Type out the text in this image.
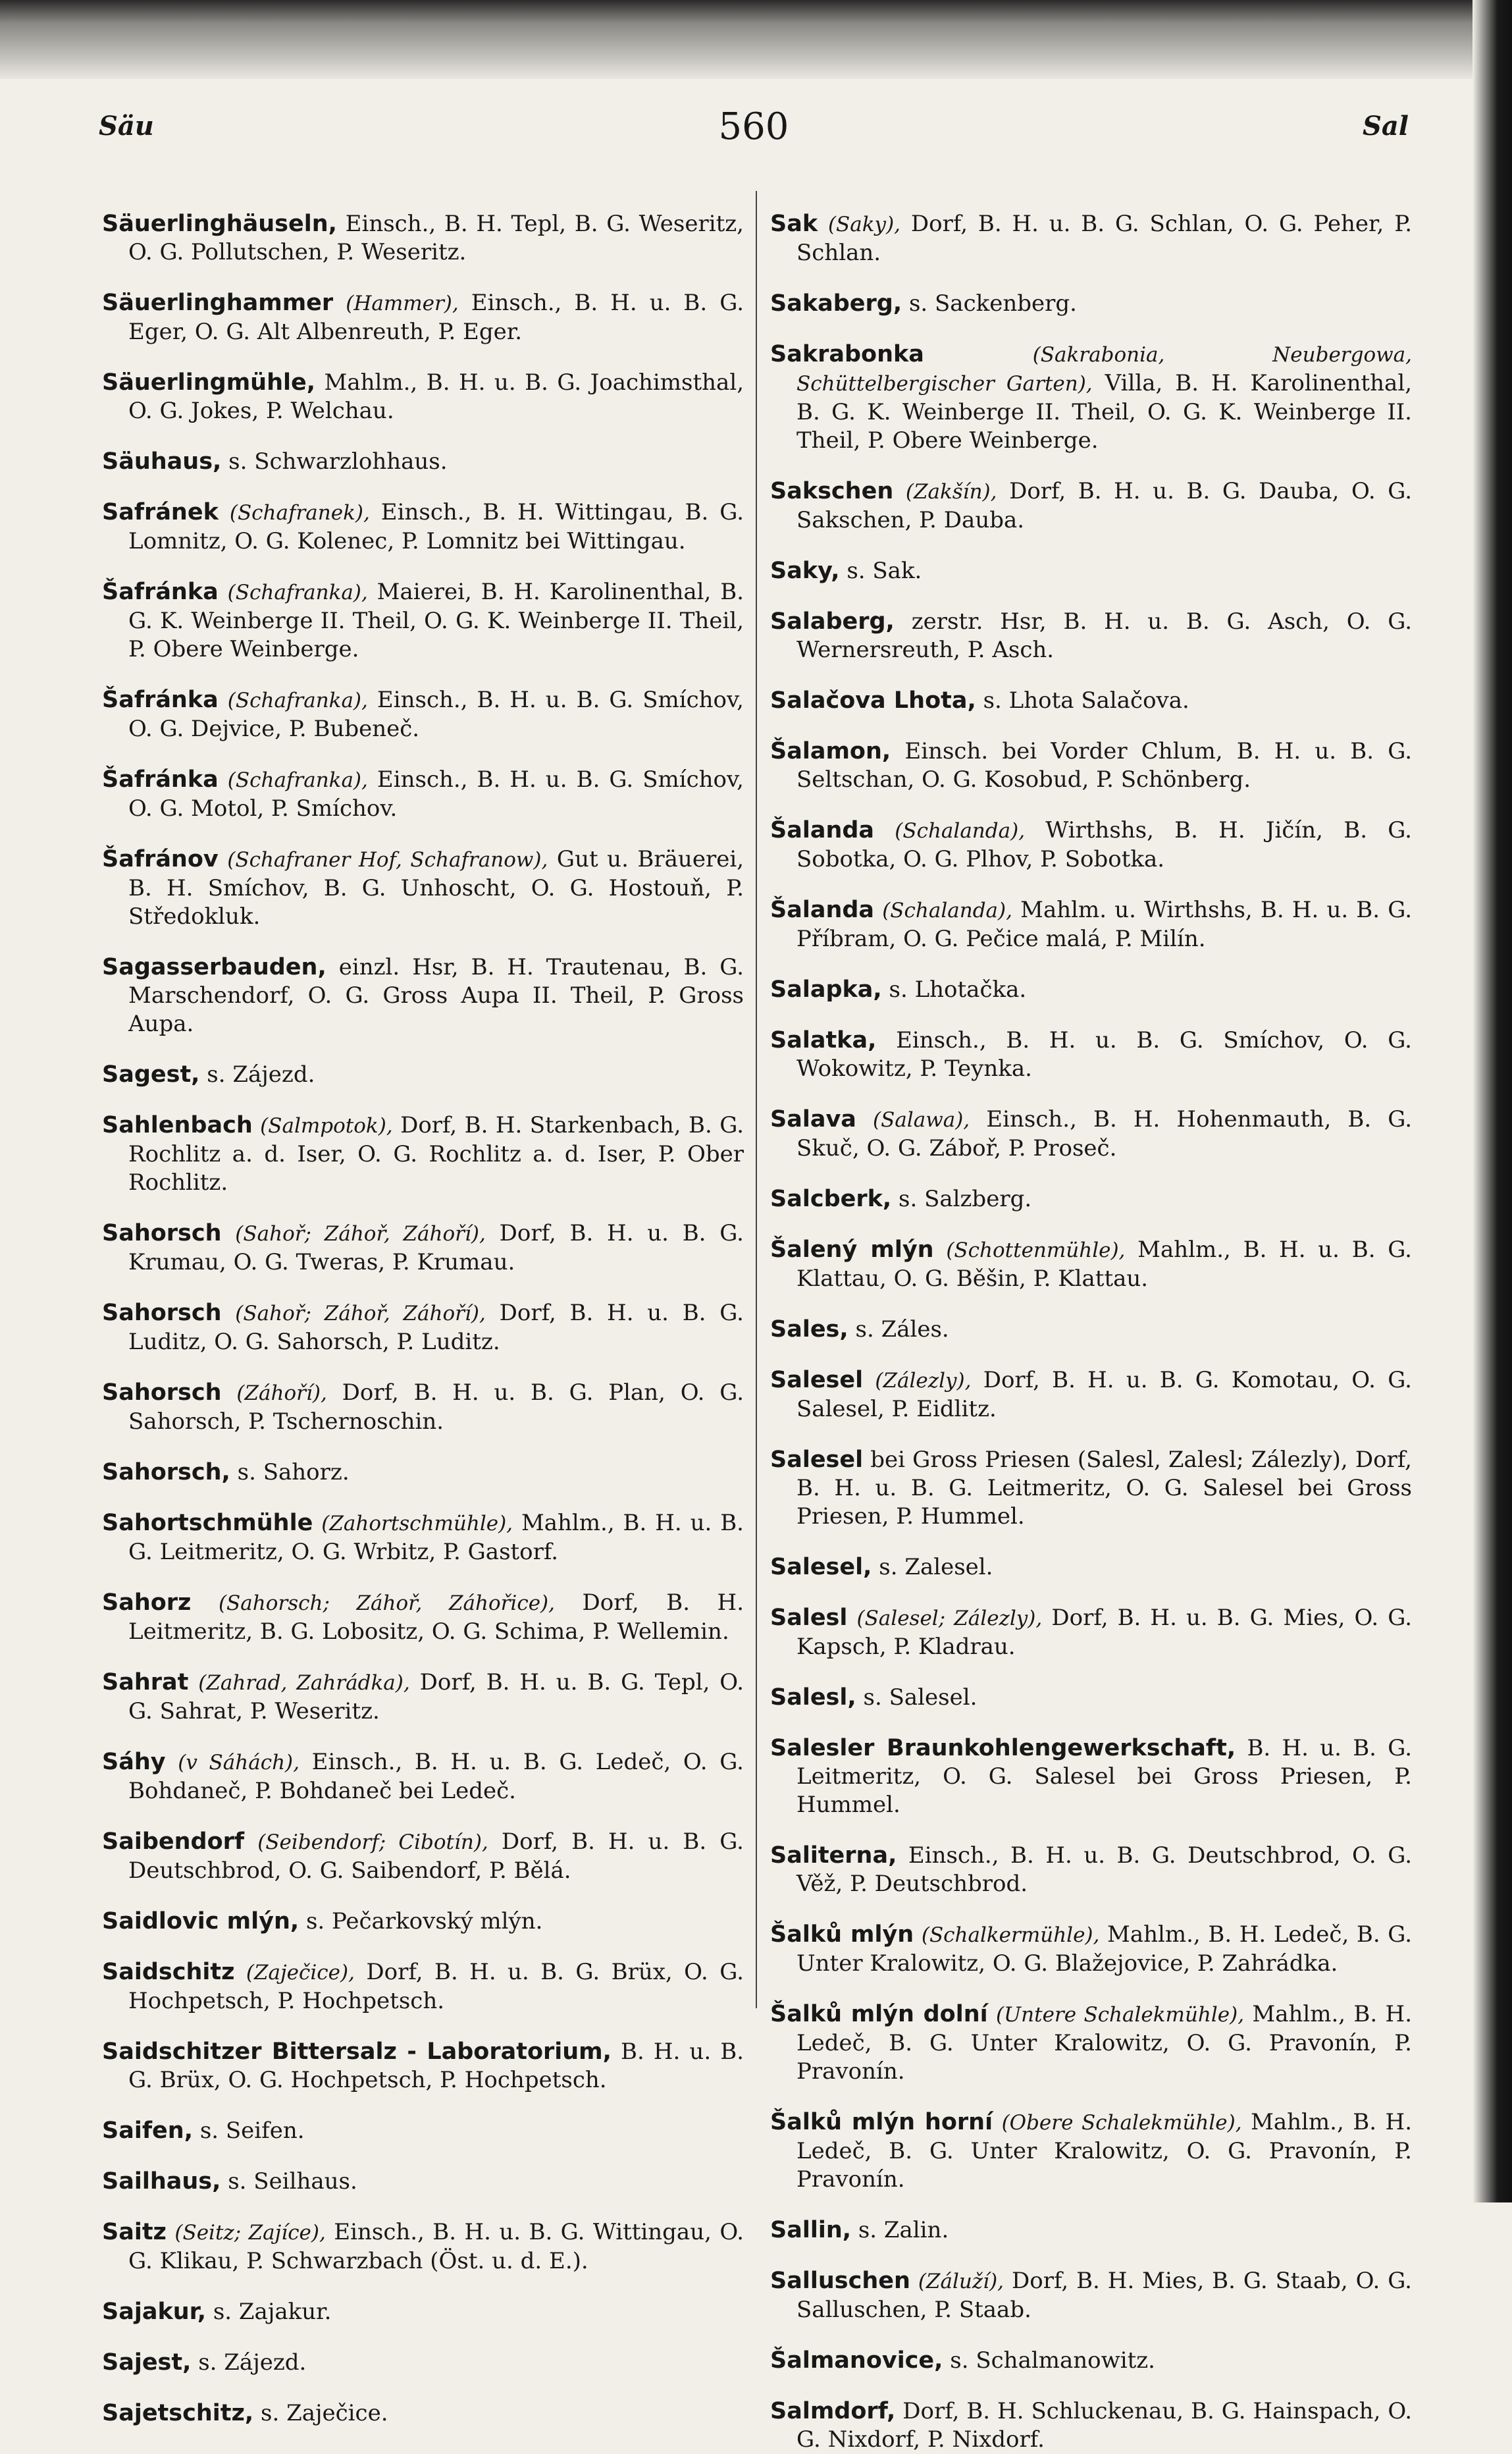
Säu	560	Sal

Säuerlinghäuseln, Einsch., B. H. Tepl, B. G. Weseritz, O. G. Pollutschen, P. Weseritz.

Säuerlinghammer (Hammer), Einsch., B. H. u. B. G. Eger, O. G. Alt Albenreuth, P. Eger.

Säuerlingmühle, Mahlm., B. H. u. B. G. Joachimsthal, O. G. Jokes, P. Welchau.

Säuhaus, s. Schwarzlohhaus.

Safránek (Schafranek), Einsch., B. H. Wittingau, B. G. Lomnitz, O. G. Kolenec, P. Lomnitz bei Wittingau.

Šafránka (Schafranka), Maierei, B. H. Karolinenthal, B. G. K. Weinberge II. Theil, O. G. K. Weinberge II. Theil, P. Obere Weinberge.

Šafránka (Schafranka), Einsch., B. H. u. B. G. Smíchov, O. G. Dejvice, P. Bubeneč.

Šafránka (Schafranka), Einsch., B. H. u. B. G. Smíchov, O. G. Motol, P. Smíchov.

Šafránov (Schafraner Hof, Schafranow), Gut u. Bräuerei, B. H. Smíchov, B. G. Unhoscht, O. G. Hostouň, P. Středokluk.

Sagasserbauden, einzl. Hsr, B. H. Trautenau, B. G. Marschendorf, O. G. Gross Aupa II. Theil, P. Gross Aupa.

Sagest, s. Zájezd.

Sahlenbach (Salmpotok), Dorf, B. H. Starkenbach, B. G. Rochlitz a. d. Iser, O. G. Rochlitz a. d. Iser, P. Ober Rochlitz.

Sahorsch (Sahoř; Záhoř, Záhoří), Dorf, B. H. u. B. G. Krumau, O. G. Tweras, P. Krumau.

Sahorsch (Sahoř; Záhoř, Záhoří), Dorf, B. H. u. B. G. Luditz, O. G. Sahorsch, P. Luditz.

Sahorsch (Záhoří), Dorf, B. H. u. B. G. Plan, O. G. Sahorsch, P. Tschernoschin.

Sahorsch, s. Sahorz.

Sahortschmühle (Zahortschmühle), Mahlm., B. H. u. B. G. Leitmeritz, O. G. Wrbitz, P. Gastorf.

Sahorz (Sahorsch; Záhoř, Záhořice), Dorf, B. H. Leitmeritz, B. G. Lobositz, O. G. Schima, P. Wellemin.

Sahrat (Zahrad, Zahrádka), Dorf, B. H. u. B. G. Tepl, O. G. Sahrat, P. Weseritz.

Sáhy (v Sáhách), Einsch., B. H. u. B. G. Ledeč, O. G. Bohdaneč, P. Bohdaneč bei Ledeč.

Saibendorf (Seibendorf; Cibotín), Dorf, B. H. u. B. G. Deutschbrod, O. G. Saibendorf, P. Bělá.

Saidlovic mlýn, s. Pečarkovský mlýn.

Saidschitz (Zaječice), Dorf, B. H. u. B. G. Brüx, O. G. Hochpetsch, P. Hochpetsch.

Saidschitzer Bittersalz - Laboratorium, B. H. u. B. G. Brüx, O. G. Hochpetsch, P. Hochpetsch.

Saifen, s. Seifen.

Sailhaus, s. Seilhaus.

Saitz (Seitz; Zajíce), Einsch., B. H. u. B. G. Wittingau, O. G. Klikau, P. Schwarzbach (Öst. u. d. E.).

Sajakur, s. Zajakur.

Sajest, s. Zájezd.

Sajetschitz, s. Zaječice.

Sak (Saky), Dorf, B. H. u. B. G. Schlan, O. G. Peher, P. Schlan.

Sakaberg, s. Sackenberg.

Sakrabonka	(Sakrabonia, Neubergowa, Schüttelbergischer Garten), Villa, B. H. Karolinenthal, B. G. K. Weinberge II. Theil, O. G. K. Weinberge II. Theil, P. Obere Weinberge.

Sakschen (Zakšín), Dorf, B. H. u. B. G. Dauba, O. G. Sakschen, P. Dauba.

Saky, s. Sak.

Salaberg, zerstr. Hsr, B. H. u. B. G. Asch, O. G. Wernersreuth, P. Asch.

Salačova Lhota, s. Lhota Salačova.

Šalamon, Einsch. bei Vorder Chlum, B. H. u. B. G. Seltschan, O. G. Kosobud, P. Schönberg.

Šalanda (Schalanda), Wirthshs, B. H. Jičín, B. G. Sobotka, O. G. Plhov, P. Sobotka.

Šalanda (Schalanda), Mahlm. u. Wirthshs, B. H. u. B. G. Příbram, O. G. Pečice malá, P. Milín.

Salapka, s. Lhotačka.

Salatka, Einsch., B. H. u. B. G. Smíchov, O. G. Wokowitz, P. Teynka.

Salava (Salawa), Einsch., B. H. Hohenmauth, B. G. Skuč, O. G. Záboř, P. Proseč.

Salcberk, s. Salzberg.

Šalený mlýn (Schottenmühle), Mahlm., B. H. u. B. G. Klattau, O. G. Běšin, P. Klattau.

Sales, s. Záles.

Salesel (Zálezly), Dorf, B. H. u. B. G. Komotau, O. G. Salesel, P. Eidlitz.

Salesel bei Gross Priesen (Salesl, Zalesl; Zálezly), Dorf, B. H. u. B. G. Leitmeritz, O. G. Salesel bei Gross Priesen, P. Hummel.

Salesel, s. Zalesel.

Salesl (Salesel; Zálezly), Dorf, B. H. u. B. G. Mies, O. G. Kapsch, P. Kladrau.

Salesl, s. Salesel.

Salesler Braunkohlengewerkschaft, B. H. u. B. G. Leitmeritz, O. G. Salesel bei Gross Priesen, P. Hummel.

Saliterna, Einsch., B. H. u. B. G. Deutschbrod, O. G. Věž, P. Deutschbrod.

Šalků mlýn (Schalkermühle), Mahlm., B. H. Ledeč, B. G. Unter Kralowitz, O. G. Blažejovice, P. Zahrádka.

Šalků mlýn dolní (Untere Schalekmühle), Mahlm., B. H. Ledeč, B. G. Unter Kralowitz, O. G. Pravonín, P. Pravonín.

Šalků mlýn horní (Obere Schalekmühle), Mahlm., B. H. Ledeč, B. G. Unter Kralowitz, O. G. Pravonín, P. Pravonín.

Sallin, s. Zalin.

Salluschen (Záluží), Dorf, B. H. Mies, B. G. Staab, O. G. Salluschen, P. Staab.

Šalmanovice, s. Schalmanowitz.

Salmdorf, Dorf, B. H. Schluckenau, B. G. Hainspach, O. G. Nixdorf, P. Nixdorf.
